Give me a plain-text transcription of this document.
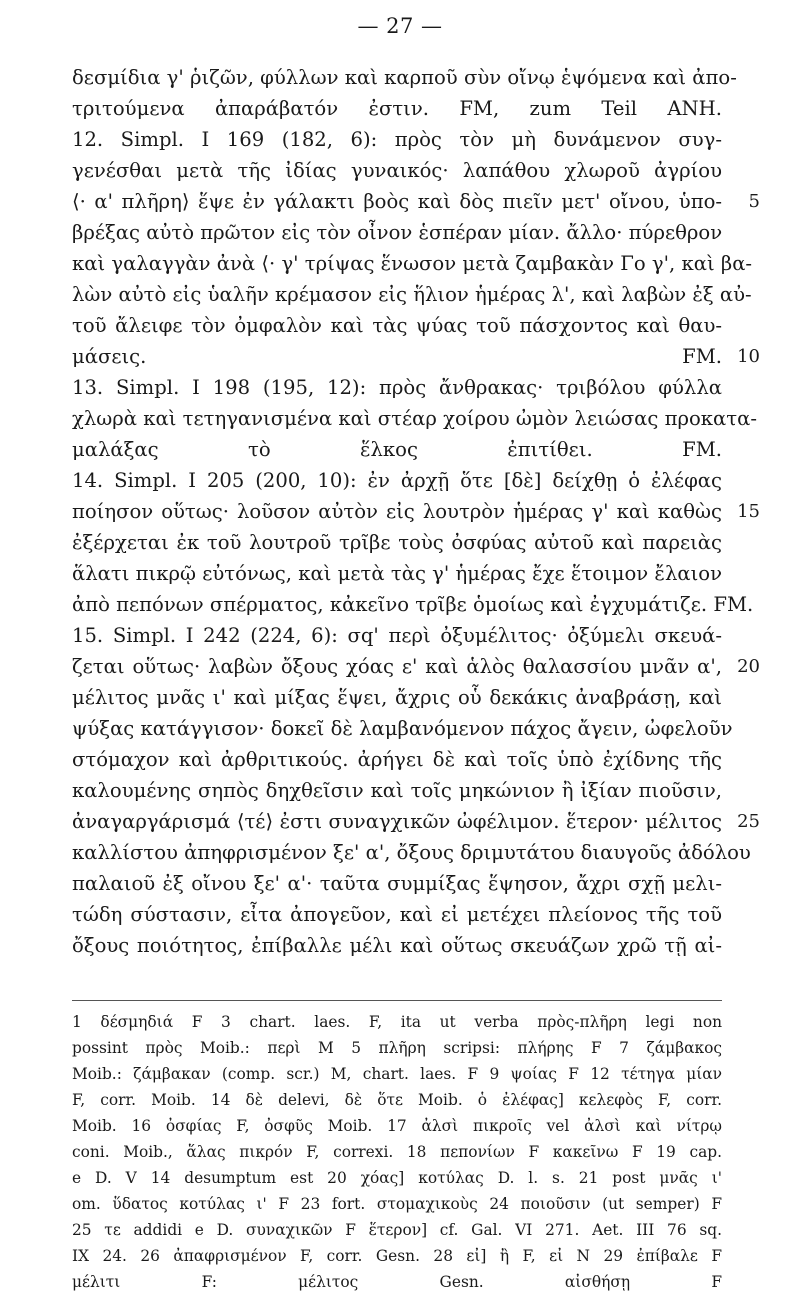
— 27 —
δεσμίδια γ' ῥιζῶν, φύλλων καὶ καρποῦ σὺν οἴνῳ ἑψόμενα καὶ ἀπο-
τριτούμενα ἀπαράβατόν ἐστιν. FM, zum Teil ANH.
12. Simpl. I 169 (182, 6): πρὸς τὸν μὴ δυνάμενον συγ-
γενέσθαι μετὰ τῆς ἰδίας γυναικός· λαπάθου χλωροῦ ἀγρίου
⟨· α' πλῆρη⟩ ἕψε ἐν γάλακτι βοὸς καὶ δὸς πιεῖν μετ' οἴνου, ὑπο- 5
βρέξας αὐτὸ πρῶτον εἰς τὸν οἶνον ἑσπέραν μίαν. ἄλλο· πύρεθρον
καὶ γαλαγγὰν ἀνὰ ⟨· γ' τρίψας ἕνωσον μετὰ ζαμβακὰν Γο γ', καὶ βα-
λὼν αὐτὸ εἰς ὑαλῆν κρέμασον εἰς ἥλιον ἡμέρας λ', καὶ λαβὼν ἐξ αὐ-
τοῦ ἄλειφε τὸν ὀμφαλὸν καὶ τὰς ψύας τοῦ πάσχοντος καὶ θαυ-
μάσεις. FM. 10
13. Simpl. I 198 (195, 12): πρὸς ἄνθρακας· τριβόλου φύλλα
χλωρὰ καὶ τετηγανισμένα καὶ στέαρ χοίρου ὠμὸν λειώσας προκατα-
μαλάξας τὸ ἕλκος ἐπιτίθει. FM.
14. Simpl. I 205 (200, 10): ἐν ἀρχῇ ὅτε [δὲ] δείχθῃ ὁ ἐλέφας
ποίησον οὕτως· λοῦσον αὐτὸν εἰς λουτρὸν ἡμέρας γ' καὶ καθὼς 15
ἐξέρχεται ἐκ τοῦ λουτροῦ τρῖβε τοὺς ὀσφύας αὐτοῦ καὶ παρειὰς
ἅλατι πικρῷ εὐτόνως, καὶ μετὰ τὰς γ' ἡμέρας ἔχε ἕτοιμον ἔλαιον
ἀπὸ πεπόνων σπέρματος, κἀκεῖνο τρῖβε ὁμοίως καὶ ἐγχυμάτιζε. FM.
15. Simpl. I 242 (224, 6): σq' περὶ ὀξυμέλιτος· ὀξύμελι σκευά-
ζεται οὕτως· λαβὼν ὄξους χόας ε' καὶ ἁλὸς θαλασσίου μνᾶν α', 20
μέλιτος μνᾶς ι' καὶ μίξας ἕψει, ἄχρις οὗ δεκάκις ἀναβράσῃ, καὶ
ψύξας κατάγγισον· δοκεῖ δὲ λαμβανόμενον πάχος ἄγειν, ὠφελοῦν
στόμαχον καὶ ἀρθριτικούς. ἀρήγει δὲ καὶ τοῖς ὑπὸ ἐχίδνης τῆς
καλουμένης σηπὸς δηχθεῖσιν καὶ τοῖς μηκώνιον ἢ ἰξίαν πιοῦσιν,
ἀναγαργάρισμά ⟨τέ⟩ ἐστι συναγχικῶν ὠφέλιμον. ἕτερον· μέλιτος 25
καλλίστου ἀπηφρισμένον ξε' α', ὄξους δριμυτάτου διαυγοῦς ἀδόλου
παλαιοῦ ἐξ οἴνου ξε' α'· ταῦτα συμμίξας ἕψησον, ἄχρι σχῇ μελι-
τώδη σύστασιν, εἶτα ἀπογεῦον, καὶ εἰ μετέχει πλείονος τῆς τοῦ
ὄξους ποιότητος, ἐπίβαλλε μέλι καὶ οὕτως σκευάζων χρῶ τῇ αἰ-
1 δέσμηδιά F 3 chart. laes. F, ita ut verba πρὸς-πλῆρη legi non
possint πρὸς Moib.: περὶ M 5 πλῆρη scripsi: πλήρης F 7 ζάμβακος
Moib.: ζάμβακαν (comp. scr.) M, chart. laes. F 9 ψοίας F 12 τέτηγα μίαν
F, corr. Moib. 14 δὲ delevi, δὲ ὅτε Moib. ὁ ἐλέφας] κελεφὸς F, corr.
Moib. 16 ὀσφίας F, ὀσφῦς Moib. 17 ἀλσὶ πικροῖς vel ἀλσὶ καὶ νίτρῳ
coni. Moib., ἅλας πικρόν F, correxi. 18 πεπονίων F κακεῖνω F 19 cap.
e D. V 14 desumptum est 20 χόας] κοτύλας D. l. s. 21 post μνᾶς ι'
om. ὕδατος κοτύλας ι' F 23 fort. στομαχικοὺς 24 ποιοῦσιν (ut semper) F
25 τε addidi e D. συναχικῶν F ἕτερον] cf. Gal. VI 271. Aet. III 76 sq.
IX 24. 26 ἀπαφρισμένον F, corr. Gesn. 28 εἰ] ἢ F, εἰ N 29 ἐπίβαλε F
μέλιτι F: μέλιτος Gesn. αἰσθήσῃ F
